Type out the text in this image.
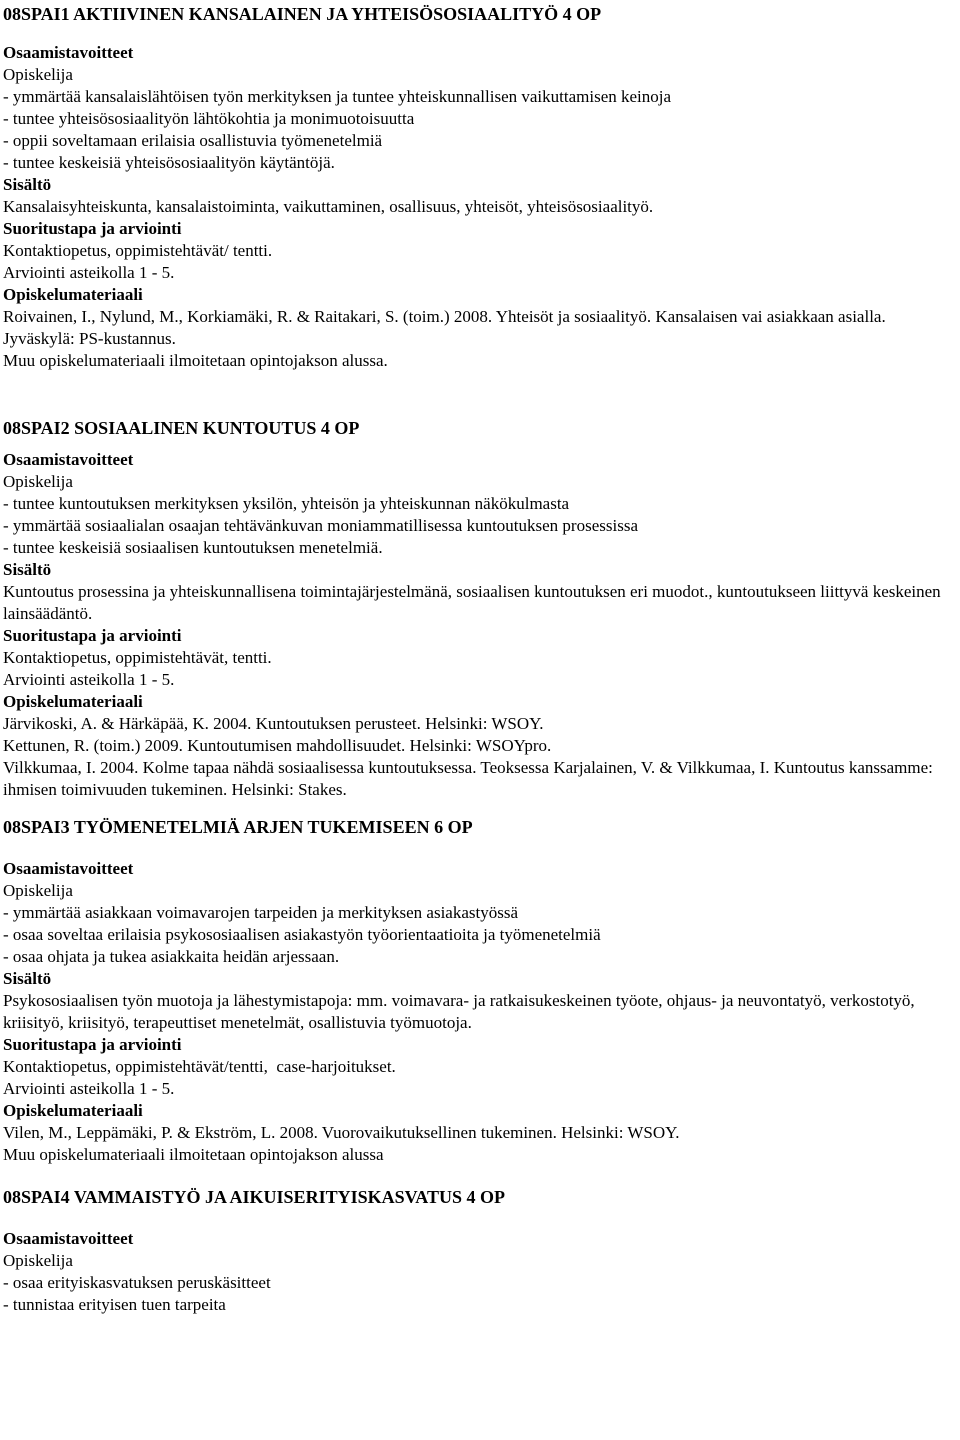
08SPAI1 AKTIIVINEN KANSALAINEN JA YHTEISÖSOSIAALITYÖ 4 OP
Osaamistavoitteet
Opiskelija
- ymmärtää kansalaislähtöisen työn merkityksen ja tuntee yhteiskunnallisen vaikuttamisen keinoja
- tuntee yhteisösosiaalityön lähtökohtia ja monimuotoisuutta
- oppii soveltamaan erilaisia osallistuvia työmenetelmiä
- tuntee keskeisiä yhteisösosiaalityön käytäntöjä.
Sisältö
Kansalaisyhteiskunta, kansalaistoiminta, vaikuttaminen, osallisuus, yhteisöt, yhteisösosiaalityö.
Suoritustapa ja arviointi
Kontaktiopetus, oppimistehtävät/ tentti.
Arviointi asteikolla 1 - 5.
Opiskelumateriaali
Roivainen, I., Nylund, M., Korkiamäki, R. & Raitakari, S. (toim.) 2008. Yhteisöt ja sosiaalityö. Kansalaisen vai asiakkaan asialla. Jyväskylä: PS-kustannus.
Muu opiskelumateriaali ilmoitetaan opintojakson alussa.
08SPAI2 SOSIAALINEN KUNTOUTUS 4 OP
Osaamistavoitteet
Opiskelija
- tuntee kuntoutuksen merkityksen yksilön, yhteisön ja yhteiskunnan näkökulmasta
- ymmärtää sosiaalialan osaajan tehtävänkuvan moniammatillisessa kuntoutuksen prosessissa
- tuntee keskeisiä sosiaalisen kuntoutuksen menetelmiä.
Sisältö
Kuntoutus prosessina ja yhteiskunnallisena toimintajärjestelmänä, sosiaalisen kuntoutuksen eri muodot., kuntoutukseen liittyvä keskeinen lainsäädäntö.
Suoritustapa ja arviointi
Kontaktiopetus, oppimistehtävät, tentti.
Arviointi asteikolla 1 - 5.
Opiskelumateriaali
Järvikoski, A. & Härkäpää, K. 2004. Kuntoutuksen perusteet. Helsinki: WSOY.
Kettunen, R. (toim.) 2009. Kuntoutumisen mahdollisuudet. Helsinki: WSOYpro.
Vilkkumaa, I. 2004. Kolme tapaa nähdä sosiaalisessa kuntoutuksessa. Teoksessa Karjalainen, V. & Vilkkumaa, I. Kuntoutus kanssamme: ihmisen toimivuuden tukeminen. Helsinki: Stakes.
08SPAI3 TYÖMENETELMIÄ ARJEN TUKEMISEEN 6 OP
Osaamistavoitteet
Opiskelija
- ymmärtää asiakkaan voimavarojen tarpeiden ja merkityksen asiakastyössä
- osaa soveltaa erilaisia psykososiaalisen asiakastyön työorientaatioita ja työmenetelmiä
- osaa ohjata ja tukea asiakkaita heidän arjessaan.
Sisältö
Psykososiaalisen työn muotoja ja lähestymistapoja: mm. voimavara- ja ratkaisukeskeinen työote, ohjaus- ja neuvontatyö, verkostotyö, kriisityö, kriisityö, terapeuttiset menetelmät, osallistuvia työmuotoja.
Suoritustapa ja arviointi
Kontaktiopetus, oppimistehtävät/tentti,  case-harjoitukset.
Arviointi asteikolla 1 - 5.
Opiskelumateriaali
Vilen, M., Leppämäki, P. & Ekström, L. 2008. Vuorovaikutuksellinen tukeminen. Helsinki: WSOY.
Muu opiskelumateriaali ilmoitetaan opintojakson alussa
08SPAI4 VAMMAISTYÖ JA AIKUISERITYISKASVATUS 4 OP
Osaamistavoitteet
Opiskelija
- osaa erityiskasvatuksen peruskäsitteet
- tunnistaa erityisen tuen tarpeita
